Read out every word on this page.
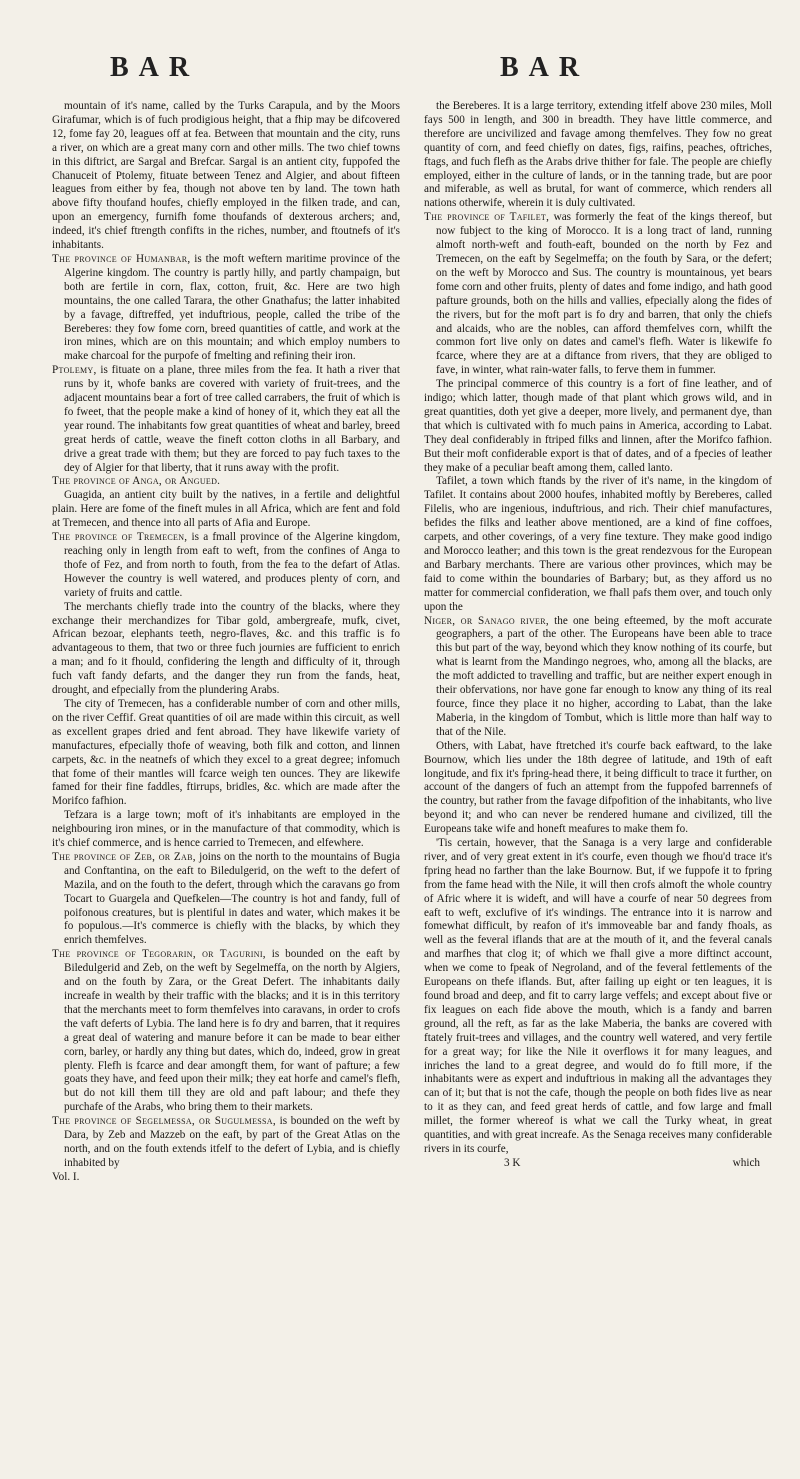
BAR	BAR

mountain of it's name, called by the Turks Carapula, and by the Moors Girafumar, which is of fuch prodigious height, that a fhip may be difcovered 12, fome fay 20, leagues off at fea. Between that mountain and the city, runs a river, on which are a great many corn and other mills. The two chief towns in this diftrict, are Sargal and Brefcar. Sargal is an antient city, fuppofed the Chanuceit of Ptolemy, fituate between Tenez and Algier, and about fifteen leagues from either by fea, though not above ten by land. The town hath above fifty thoufand houfes, chiefly employed in the filken trade, and can, upon an emergency, furnifh fome thoufands of dexterous archers; and, indeed, it's chief ftrength confifts in the riches, number, and ftoutnefs of it's inhabitants.

The province of Humanbar, is the moft weftern maritime province of the Algerine kingdom. The country is partly hilly, and partly champaign, but both are fertile in corn, flax, cotton, fruit, &c. Here are two high mountains, the one called Tarara, the other Gnathafus; the latter inhabited by a favage, diftreffed, yet induftrious, people, called the tribe of the Bereberes: they fow fome corn, breed quantities of cattle, and work at the iron mines, which are on this mountain; and which employ numbers to make charcoal for the purpofe of fmelting and refining their iron.

Ptolemy, is fituate on a plane, three miles from the fea. It hath a river that runs by it, whofe banks are covered with variety of fruit-trees, and the adjacent mountains bear a fort of tree called carrabers, the fruit of which is fo fweet, that the people make a kind of honey of it, which they eat all the year round. The inhabitants fow great quantities of wheat and barley, breed great herds of cattle, weave the fineft cotton cloths in all Barbary, and drive a great trade with them; but they are forced to pay fuch taxes to the dey of Algier for that liberty, that it runs away with the profit.

The province of Anga, or Angued.

Guagida, an antient city built by the natives, in a fertile and delightful plain. Here are fome of the fineft mules in all Africa, which are fent and fold at Tremecen, and thence into all parts of Afia and Europe.

The province of Tremecen, is a fmall province of the Algerine kingdom, reaching only in length from eaft to weft, from the confines of Anga to thofe of Fez, and from north to fouth, from the fea to the defart of Atlas. However the country is well watered, and produces plenty of corn, and variety of fruits and cattle.

The merchants chiefly trade into the country of the blacks, where they exchange their merchandizes for Tibar gold, ambergreafe, mufk, civet, African bezoar, elephants teeth, negro-flaves, &c. and this traffic is fo advantageous to them, that two or three fuch journies are fufficient to enrich a man; and fo it fhould, confidering the length and difficulty of it, through fuch vaft fandy defarts, and the danger they run from the fands, heat, drought, and efpecially from the plundering Arabs.

The city of Tremecen, has a confiderable number of corn and other mills, on the river Ceffif. Great quantities of oil are made within this circuit, as well as excellent grapes dried and fent abroad. They have likewife variety of manufactures, efpecially thofe of weaving, both filk and cotton, and linnen carpets, &c. in the neatnefs of which they excel to a great degree; infomuch that fome of their mantles will fcarce weigh ten ounces. They are likewife famed for their fine faddles, ftirrups, bridles, &c. which are made after the Morifco fafhion.

Tefzara is a large town; moft of it's inhabitants are employed in the neighbouring iron mines, or in the manufacture of that commodity, which is it's chief commerce, and is hence carried to Tremecen, and elfewhere.

The province of Zeb, or Zab, joins on the north to the mountains of Bugia and Conftantina, on the eaft to Biledulgerid, on the weft to the defert of Mazila, and on the fouth to the defert, through which the caravans go from Tocart to Guargela and Quefkelen—The country is hot and fandy, full of poifonous creatures, but is plentiful in dates and water, which makes it be fo populous.—It's commerce is chiefly with the blacks, by which they enrich themfelves.

The province of Tegorarin, or Tagurini, is bounded on the eaft by Biledulgerid and Zeb, on the weft by Segelmeffa, on the north by Algiers, and on the fouth by Zara, or the Great Defert. The inhabitants daily increafe in wealth by their traffic with the blacks; and it is in this territory that the merchants meet to form themfelves into caravans, in order to crofs the vaft deferts of Lybia. The land here is fo dry and barren, that it requires a great deal of watering and manure before it can be made to bear either corn, barley, or hardly any thing but dates, which do, indeed, grow in great plenty. Flefh is fcarce and dear amongft them, for want of pafture; a few goats they have, and feed upon their milk; they eat horfe and camel's flefh, but do not kill them till they are old and paft labour; and thefe they purchafe of the Arabs, who bring them to their markets.

The province of Segelmessa, or Sugulmessa, is bounded on the weft by Dara, by Zeb and Mazzeb on the eaft, by part of the Great Atlas on the north, and on the fouth extends itfelf to the defert of Lybia, and is chiefly inhabited by

Vol. I.

the Bereberes. It is a large territory, extending itfelf above 230 miles, Moll fays 500 in length, and 300 in breadth. They have little commerce, and therefore are uncivilized and favage among themfelves. They fow no great quantity of corn, and feed chiefly on dates, figs, raifins, peaches, oftriches, ftags, and fuch flefh as the Arabs drive thither for fale. The people are chiefly employed, either in the culture of lands, or in the tanning trade, but are poor and miferable, as well as brutal, for want of commerce, which renders all nations otherwife, wherein it is duly cultivated.

The province of Tafilet, was formerly the feat of the kings thereof, but now fubject to the king of Morocco. It is a long tract of land, running almoft north-weft and fouth-eaft, bounded on the north by Fez and Tremecen, on the eaft by Segelmeffa; on the fouth by Sara, or the defert; on the weft by Morocco and Sus. The country is mountainous, yet bears fome corn and other fruits, plenty of dates and fome indigo, and hath good pafture grounds, both on the hills and vallies, efpecially along the fides of the rivers, but for the moft part is fo dry and barren, that only the chiefs and alcaids, who are the nobles, can afford themfelves corn, whilft the common fort live only on dates and camel's flefh. Water is likewife fo fcarce, where they are at a diftance from rivers, that they are obliged to fave, in winter, what rain-water falls, to ferve them in fummer.

The principal commerce of this country is a fort of fine leather, and of indigo; which latter, though made of that plant which grows wild, and in great quantities, doth yet give a deeper, more lively, and permanent dye, than that which is cultivated with fo much pains in America, according to Labat. They deal confiderably in ftriped filks and linnen, after the Morifco fafhion. But their moft confiderable export is that of dates, and of a fpecies of leather they make of a peculiar beaft among them, called lanto.

Tafilet, a town which ftands by the river of it's name, in the kingdom of Tafilet. It contains about 2000 houfes, inhabited moftly by Bereberes, called Filelis, who are ingenious, induftrious, and rich. Their chief manufactures, befides the filks and leather above mentioned, are a kind of fine coffoes, carpets, and other coverings, of a very fine texture. They make good indigo and Morocco leather; and this town is the great rendezvous for the European and Barbary merchants. There are various other provinces, which may be faid to come within the boundaries of Barbary; but, as they afford us no matter for commercial confideration, we fhall pafs them over, and touch only upon the

Niger, or Sanago river, the one being efteemed, by the moft accurate geographers, a part of the other. The Europeans have been able to trace this but part of the way, beyond which they know nothing of its courfe, but what is learnt from the Mandingo negroes, who, among all the blacks, are the moft addicted to travelling and traffic, but are neither expert enough in their obfervations, nor have gone far enough to know any thing of its real fource, fince they place it no higher, according to Labat, than the lake Maberia, in the kingdom of Tombut, which is little more than half way to that of the Nile.

Others, with Labat, have ftretched it's courfe back eaftward, to the lake Bournow, which lies under the 18th degree of latitude, and 19th of eaft longitude, and fix it's fpring-head there, it being difficult to trace it further, on account of the dangers of fuch an attempt from the fuppofed barrennefs of the country, but rather from the favage difpofition of the inhabitants, who live beyond it; and who can never be rendered humane and civilized, till the Europeans take wife and honeft meafures to make them fo.

'Tis certain, however, that the Sanaga is a very large and confiderable river, and of very great extent in it's courfe, even though we fhou'd trace it's fpring head no farther than the lake Bournow. But, if we fuppofe it to fpring from the fame head with the Nile, it will then crofs almoft the whole country of Afric where it is wideft, and will have a courfe of near 50 degrees from eaft to weft, exclufive of it's windings. The entrance into it is narrow and fomewhat difficult, by reafon of it's immoveable bar and fandy fhoals, as well as the feveral iflands that are at the mouth of it, and the feveral canals and marfhes that clog it; of which we fhall give a more diftinct account, when we come to fpeak of Negroland, and of the feveral fettlements of the Europeans on thefe iflands. But, after failing up eight or ten leagues, it is found broad and deep, and fit to carry large veffels; and except about five or fix leagues on each fide above the mouth, which is a fandy and barren ground, all the reft, as far as the lake Maberia, the banks are covered with ftately fruit-trees and villages, and the country well watered, and very fertile for a great way; for like the Nile it overflows it for many leagues, and inriches the land to a great degree, and would do fo ftill more, if the inhabitants were as expert and induftrious in making all the advantages they can of it; but that is not the cafe, though the people on both fides live as near to it as they can, and feed great herds of cattle, and fow large and fmall millet, the former whereof is what we call the Turky wheat, in great quantities, and with great increafe. As the Senaga receives many confiderable rivers in its courfe,

3 K	which
